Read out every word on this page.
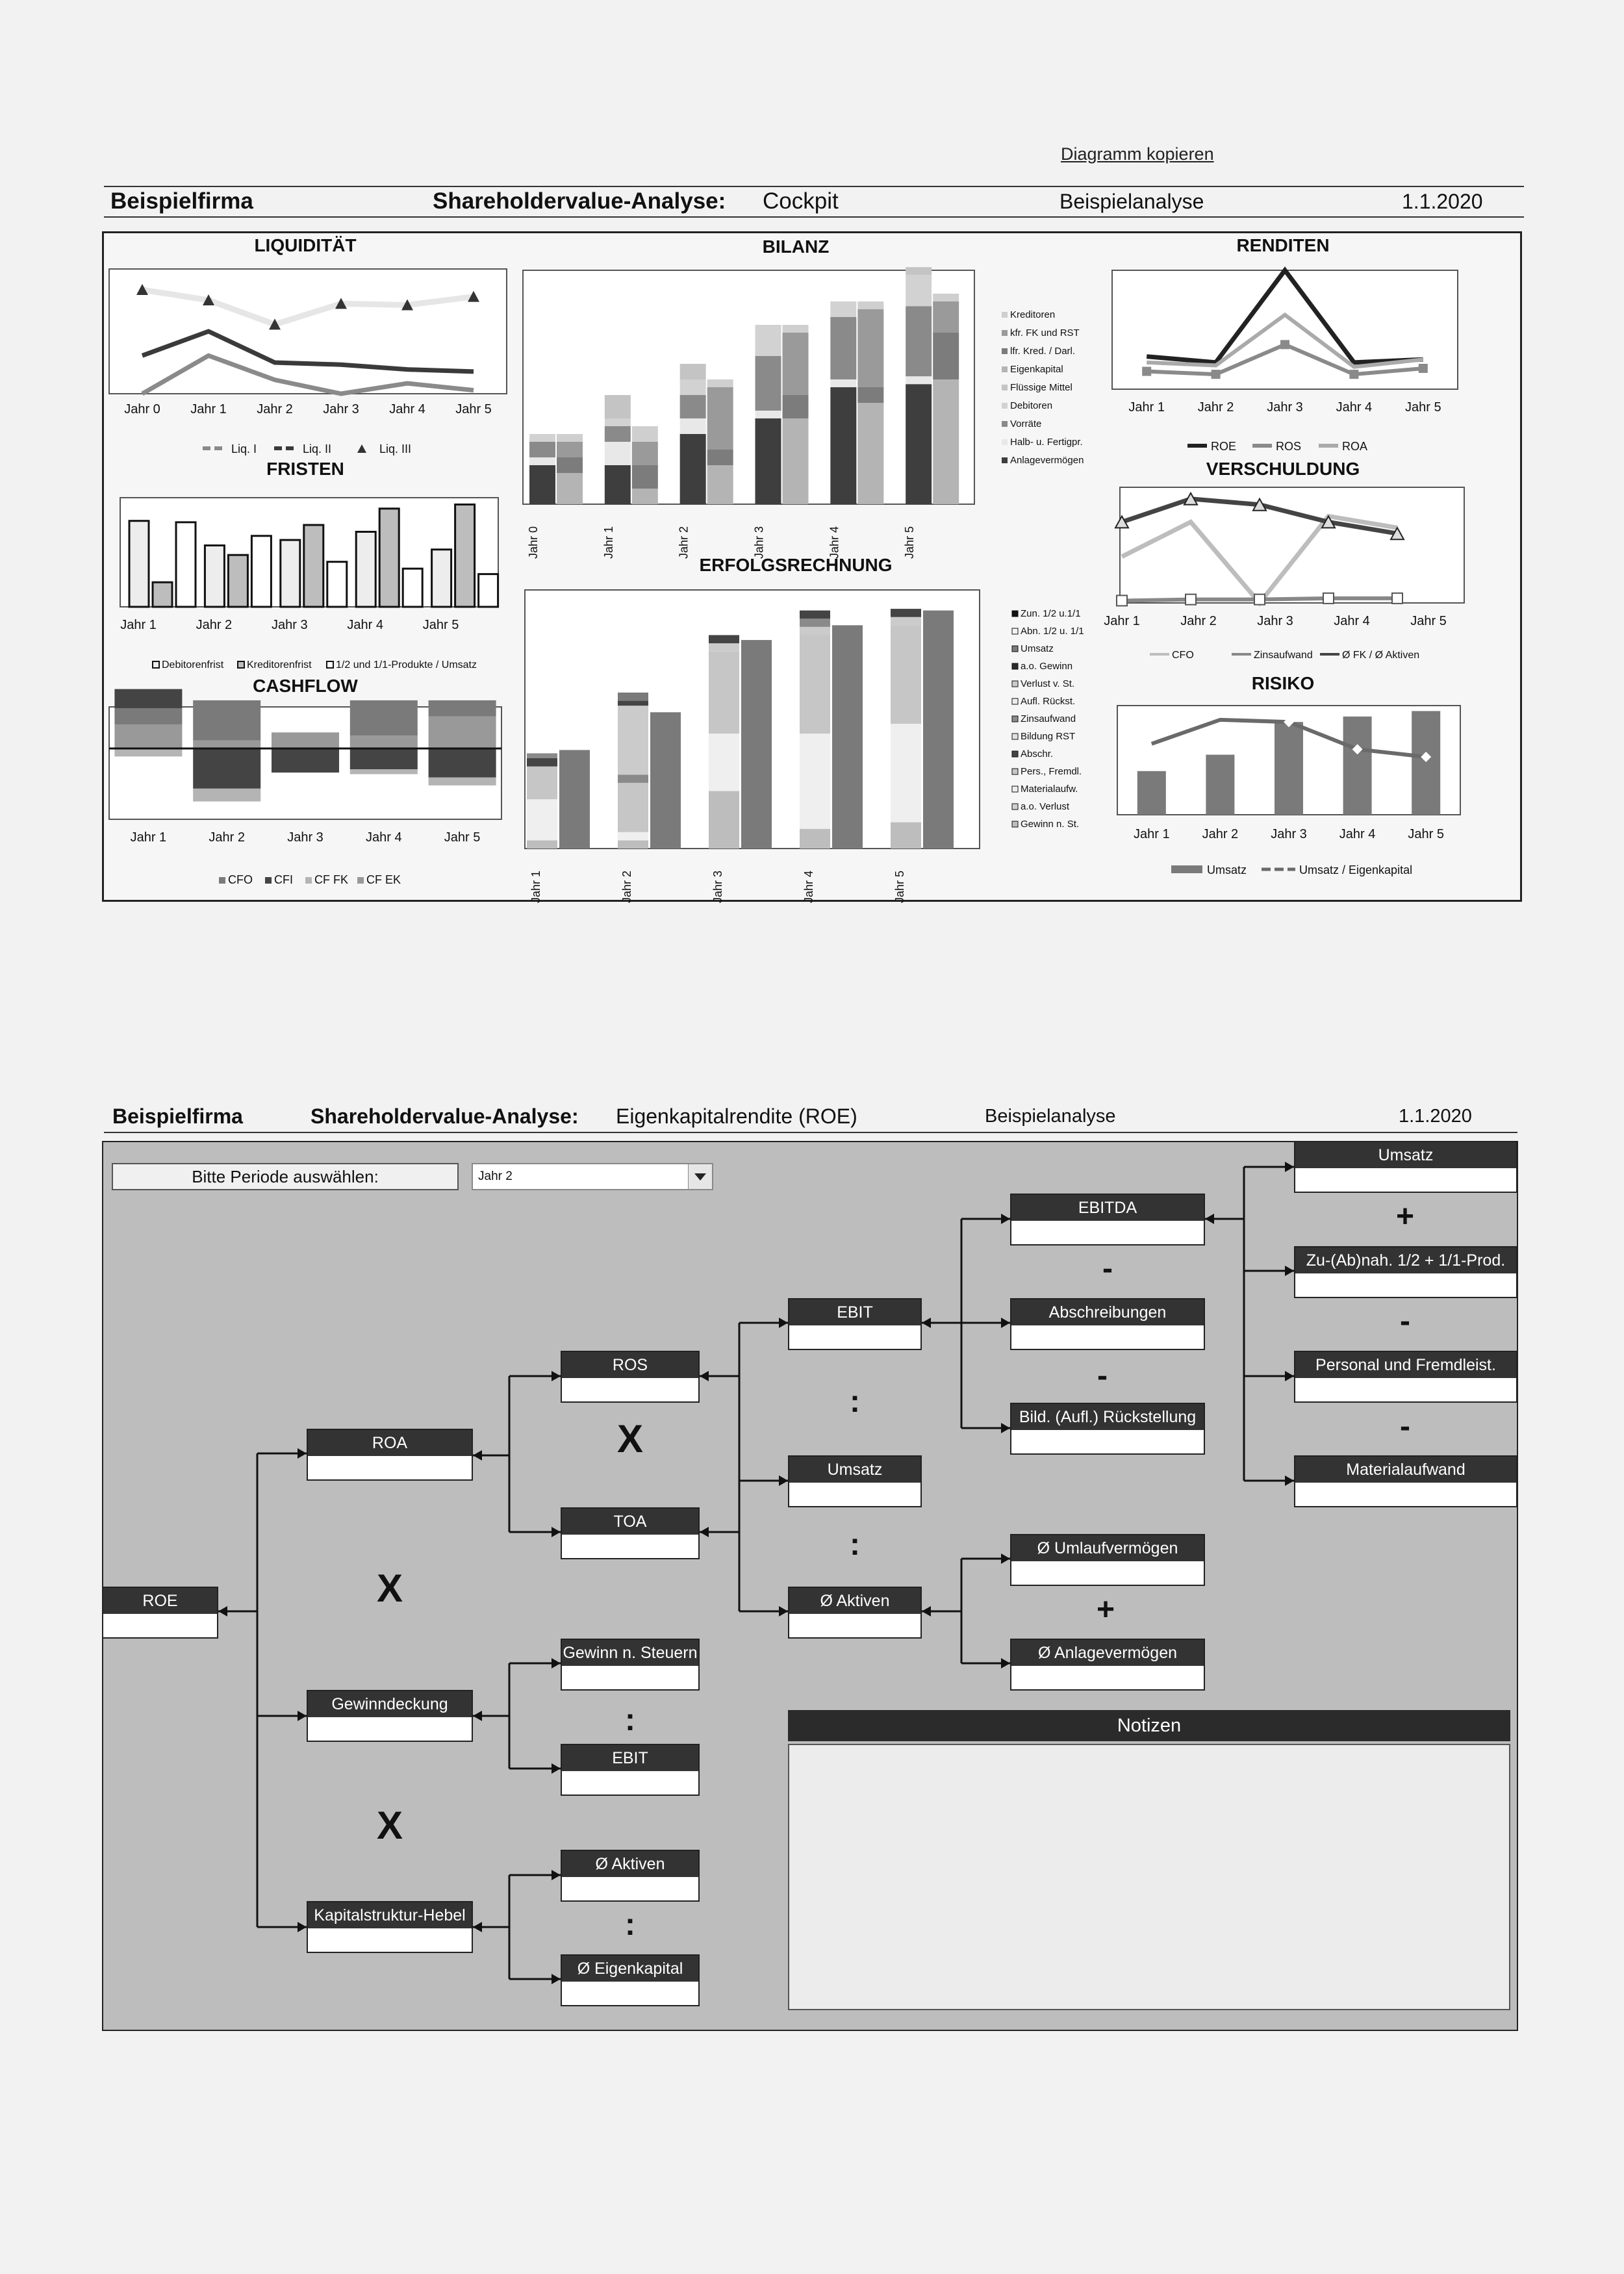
Diagramm kopieren
Beispielfirma	Shareholdervalue-Analyse: Cockpit	Beispielanalyse	1.1.2020
Jahr 0 Jahr 1 Jahr 2 Jahr 3 Jahr 4 Jahr 5
Liq. I	Liq. II	Liq. III
Jahr 1	Jahr 2	Jahr 3	Jahr 4	Jahr 5
Debitorenfrist Kreditorenfrist 1/2 und 1/1-Produkte / Umsatz
Jahr 1	Jahr 2	Jahr 3	Jahr 4	Jahr 5
CFO CFI CF FK CF EK
Jahr 0	Jahr 1	Jahr 2	Jahr 3	Jahr 4	Jahr 5
Kreditoren
kfr. FK und RST
lfr. Kred. / Darl.
Eigenkapital
Flüssige Mittel
Debitoren
Vorräte
Halb- u. Fertigpr.
Anlagevermögen
Jahr 1	Jahr 2	Jahr 3	Jahr 4	Jahr 5
Zun. 1/2 u.1/1
Abn. 1/2 u. 1/1
Umsatz
a.o. Gewinn
Verlust v. St.
Aufl. Rückst.
Zinsaufwand
Bildung RST
Abschr.
Pers., Fremdl.
Materialaufw.
a.o. Verlust
Gewinn n. St.
Jahr 1	Jahr 2	Jahr 3	Jahr 4	Jahr 5
ROE	ROS	ROA
Jahr 1	Jahr 2	Jahr 3	Jahr 4	Jahr 5
CFO	Zinsaufwand	Ø FK / Ø Aktiven
Jahr 1	Jahr 2	Jahr 3	Jahr 4	Jahr 5
Umsatz	Umsatz / Eigenkapital
LIQUIDITÄT
FRISTEN
CASHFLOW
BILANZ
ERFOLGSRECHNUNG
RENDITEN
VERSCHULDUNG
RISIKO
Beispielfirma	Shareholdervalue-Analyse: Eigenkapitalrendite (ROE)	Beispielanalyse	1.1.2020
Bitte Periode auswählen:	Jahr 2
ROE
ROA
Gewinndeckung
Kapitalstruktur-Hebel
ROS
TOA
Gewinn n. Steuern
EBIT
Ø Aktiven
Ø Eigenkapital
EBIT
Umsatz
Ø Aktiven
EBITDA
Abschreibungen
Bild. (Aufl.) Rückstellung
Ø Umlaufvermögen
Ø Anlagevermögen
Umsatz
Zu-(Ab)nah. 1/2 + 1/1-Prod.
Personal und Fremdleist.
Materialaufwand
X
X
X
:
:
:
:
-
-
+
+
-
-
Notizen
